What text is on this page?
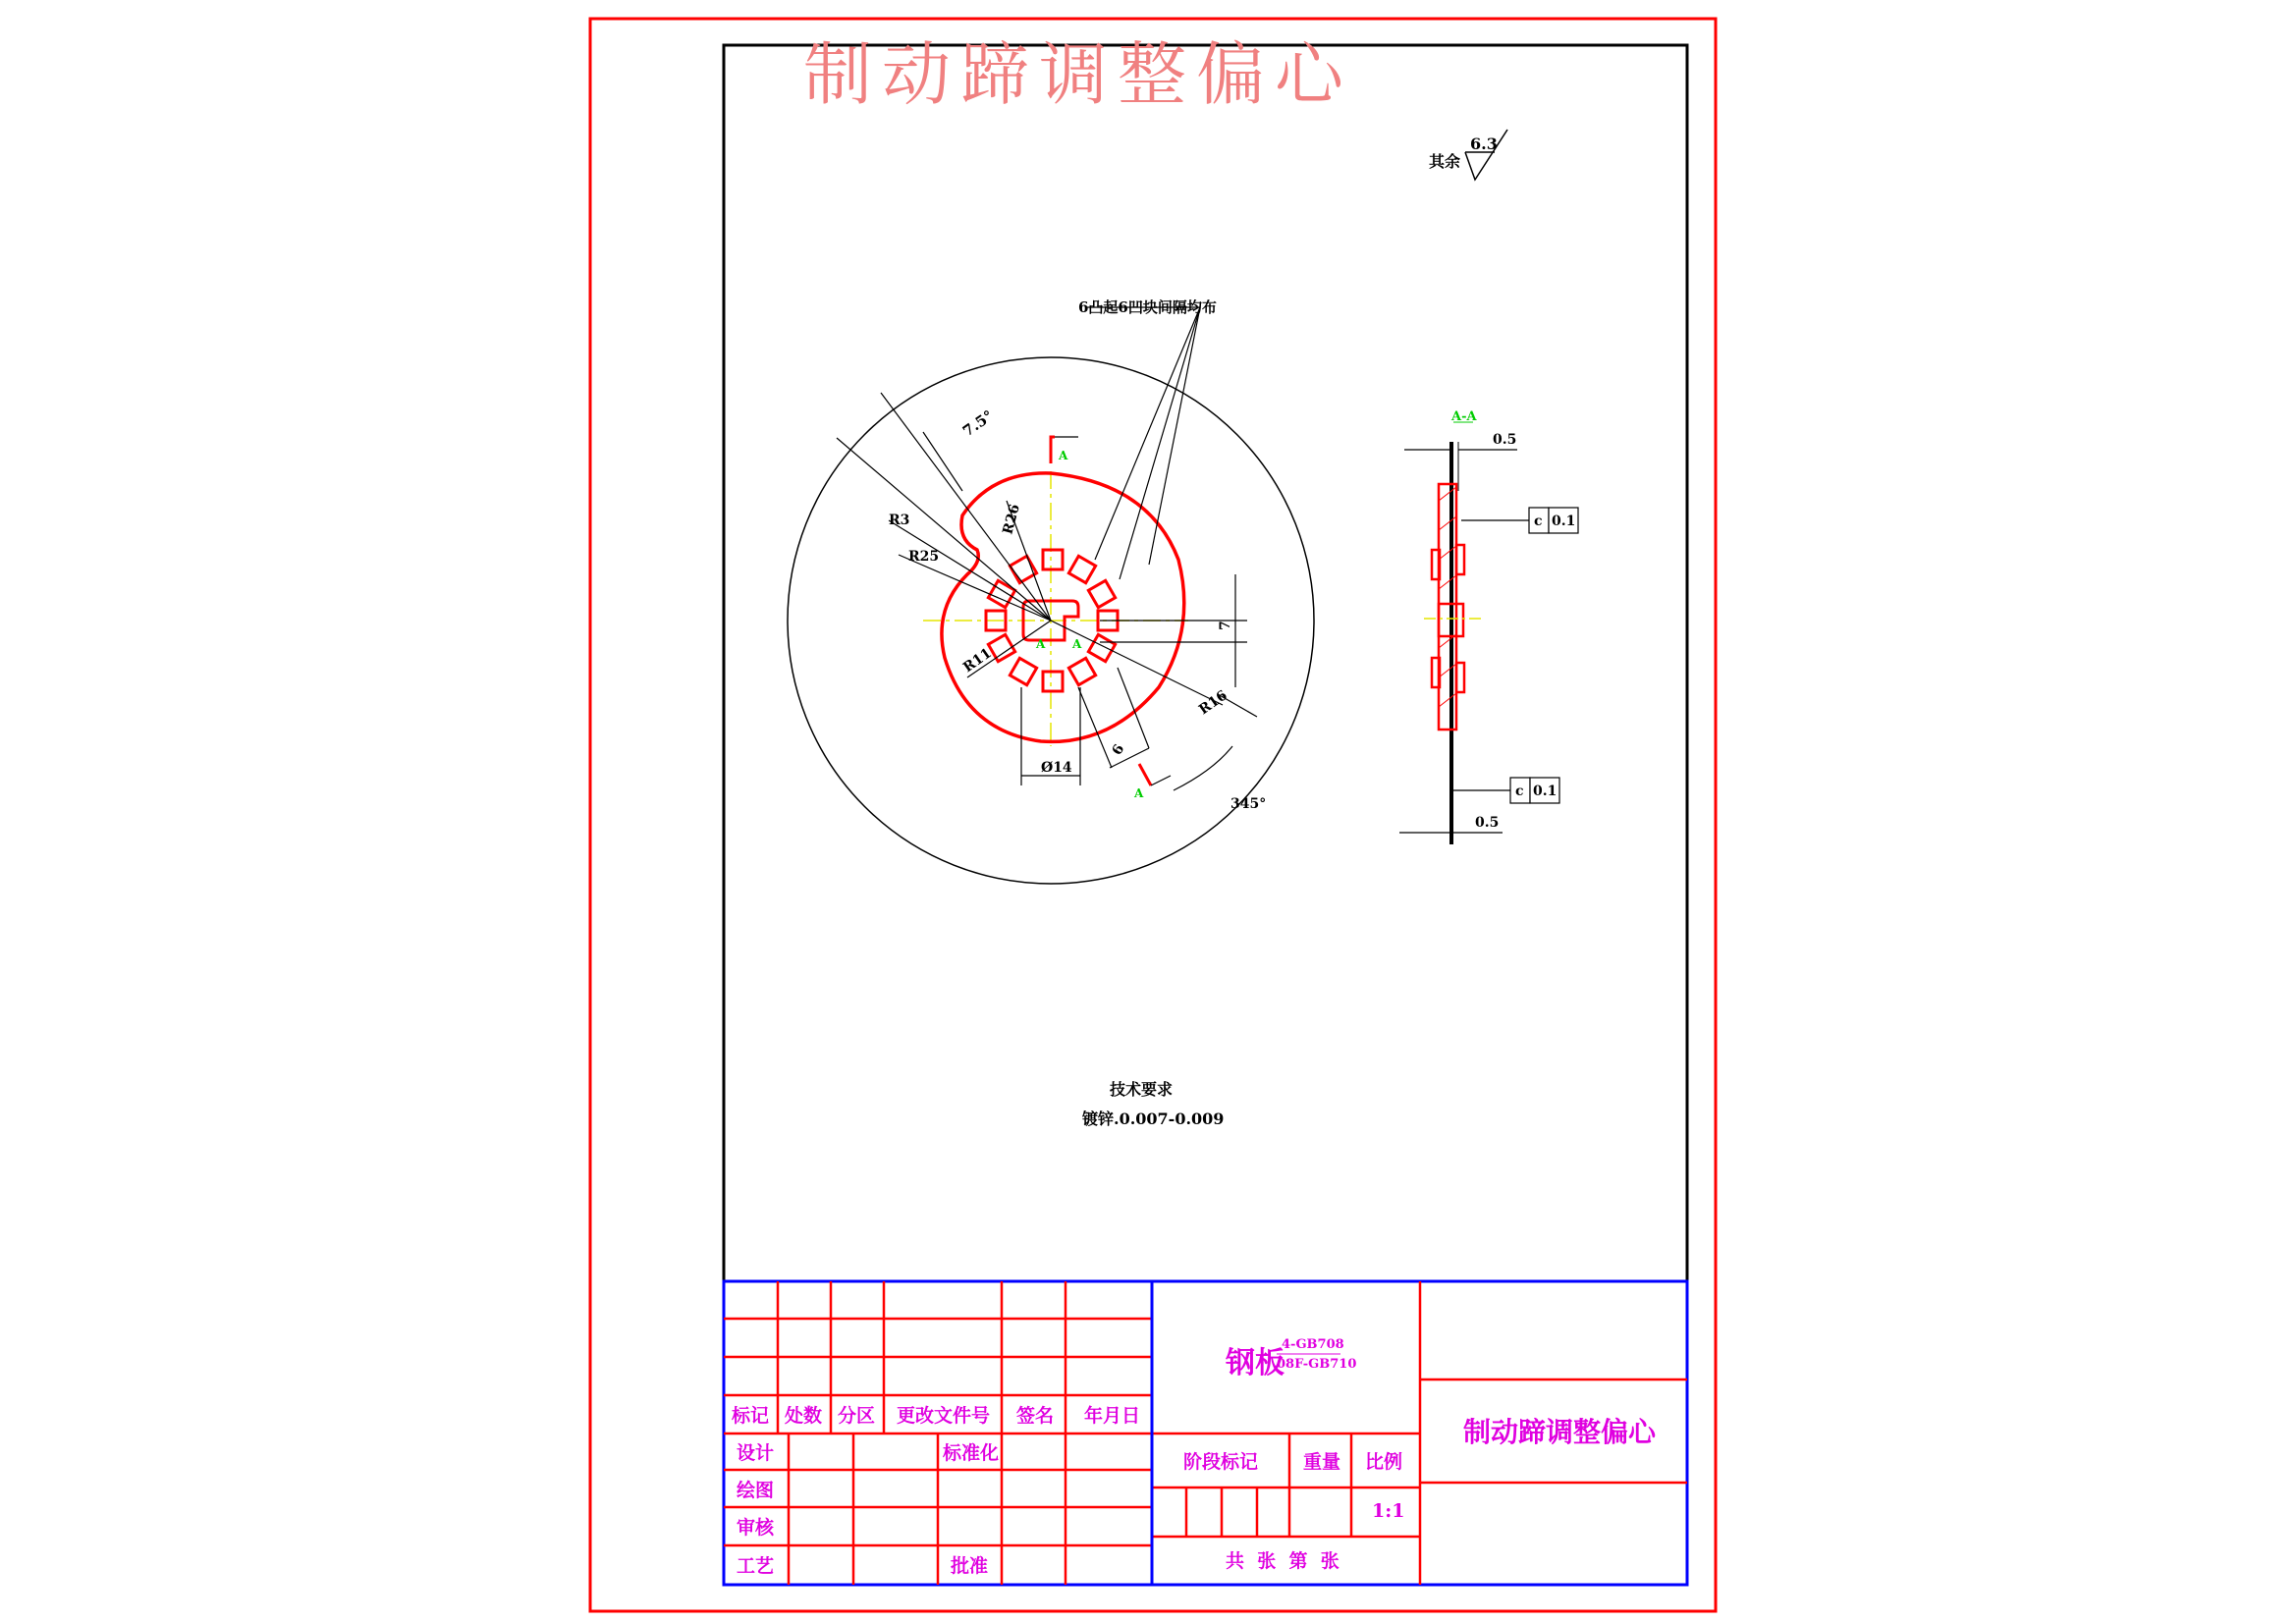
制动蹄调整偏心
其余
6.3
A
A
A A
6凸起6凹块间隔均布
7.5°
R3
R25
R26
R11
R16
7
6
Ø14
345°
A-A
0.5
0.5
c 0.1
c 0.1
技术要求
镀锌.0.007-0.009
钢板
4-GB708
08F-GB710
制动蹄调整偏心
标记 处数 分区 更改文件号 签名 年月日
设计
绘图
审核
工艺
标准化
批准
阶段标记 重量 比例
1:1
共  张  第  张
